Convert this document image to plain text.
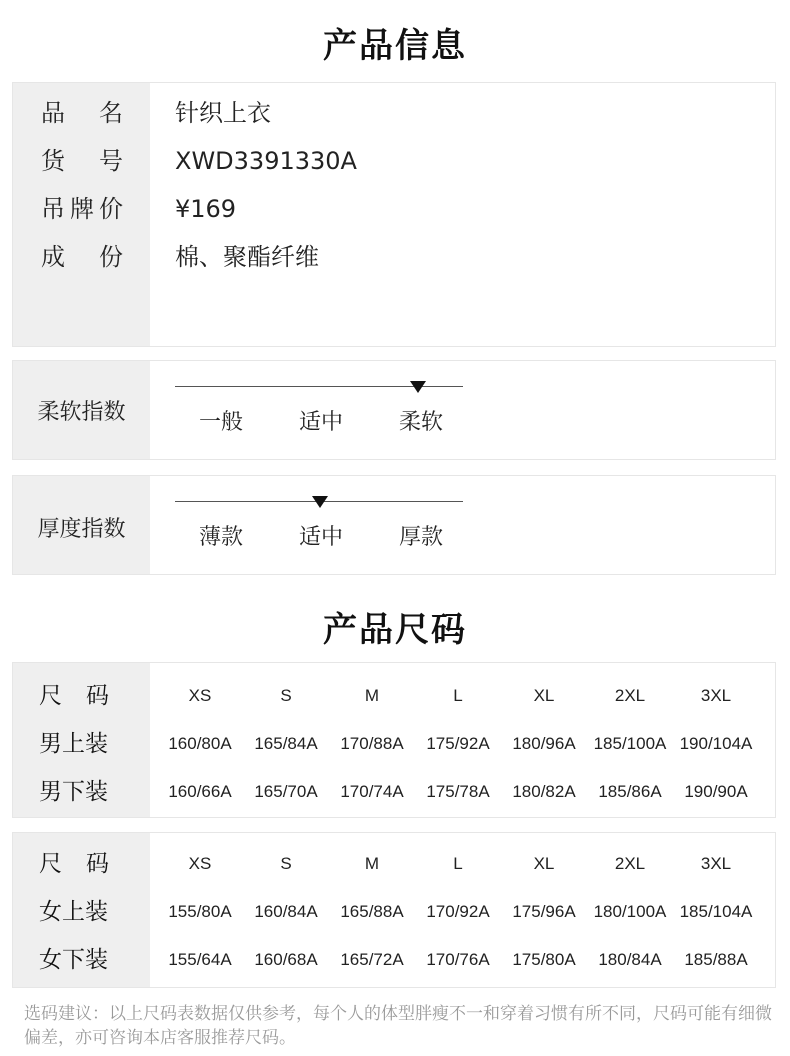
产品信息
品名 针织上衣
货号 XWD3391330A
吊牌价 ¥169
成份 棉、聚酯纤维
柔软指数	一般	适中	柔软
厚度指数	薄款	适中	厚款
产品尺码
尺码	XS	S	M	L	XL	2XL	3XL
男上装	160/80A	165/84A	170/88A	175/92A	180/96A	185/100A 190/104A
男下装	160/66A	165/70A	170/74A	175/78A	180/82A	185/86A	190/90A
尺码	XS	S	M	L	XL	2XL	3XL
女上装	155/80A	160/84A	165/88A	170/92A	175/96A	180/100A 185/104A
女下装	155/64A	160/68A	165/72A	170/76A	175/80A	180/84A	185/88A
选码建议：以上尺码表数据仅供参考，每个人的体型胖瘦不一和穿着习惯有所不同，尺码可能有细微偏差，亦可咨询本店客服推荐尺码。
